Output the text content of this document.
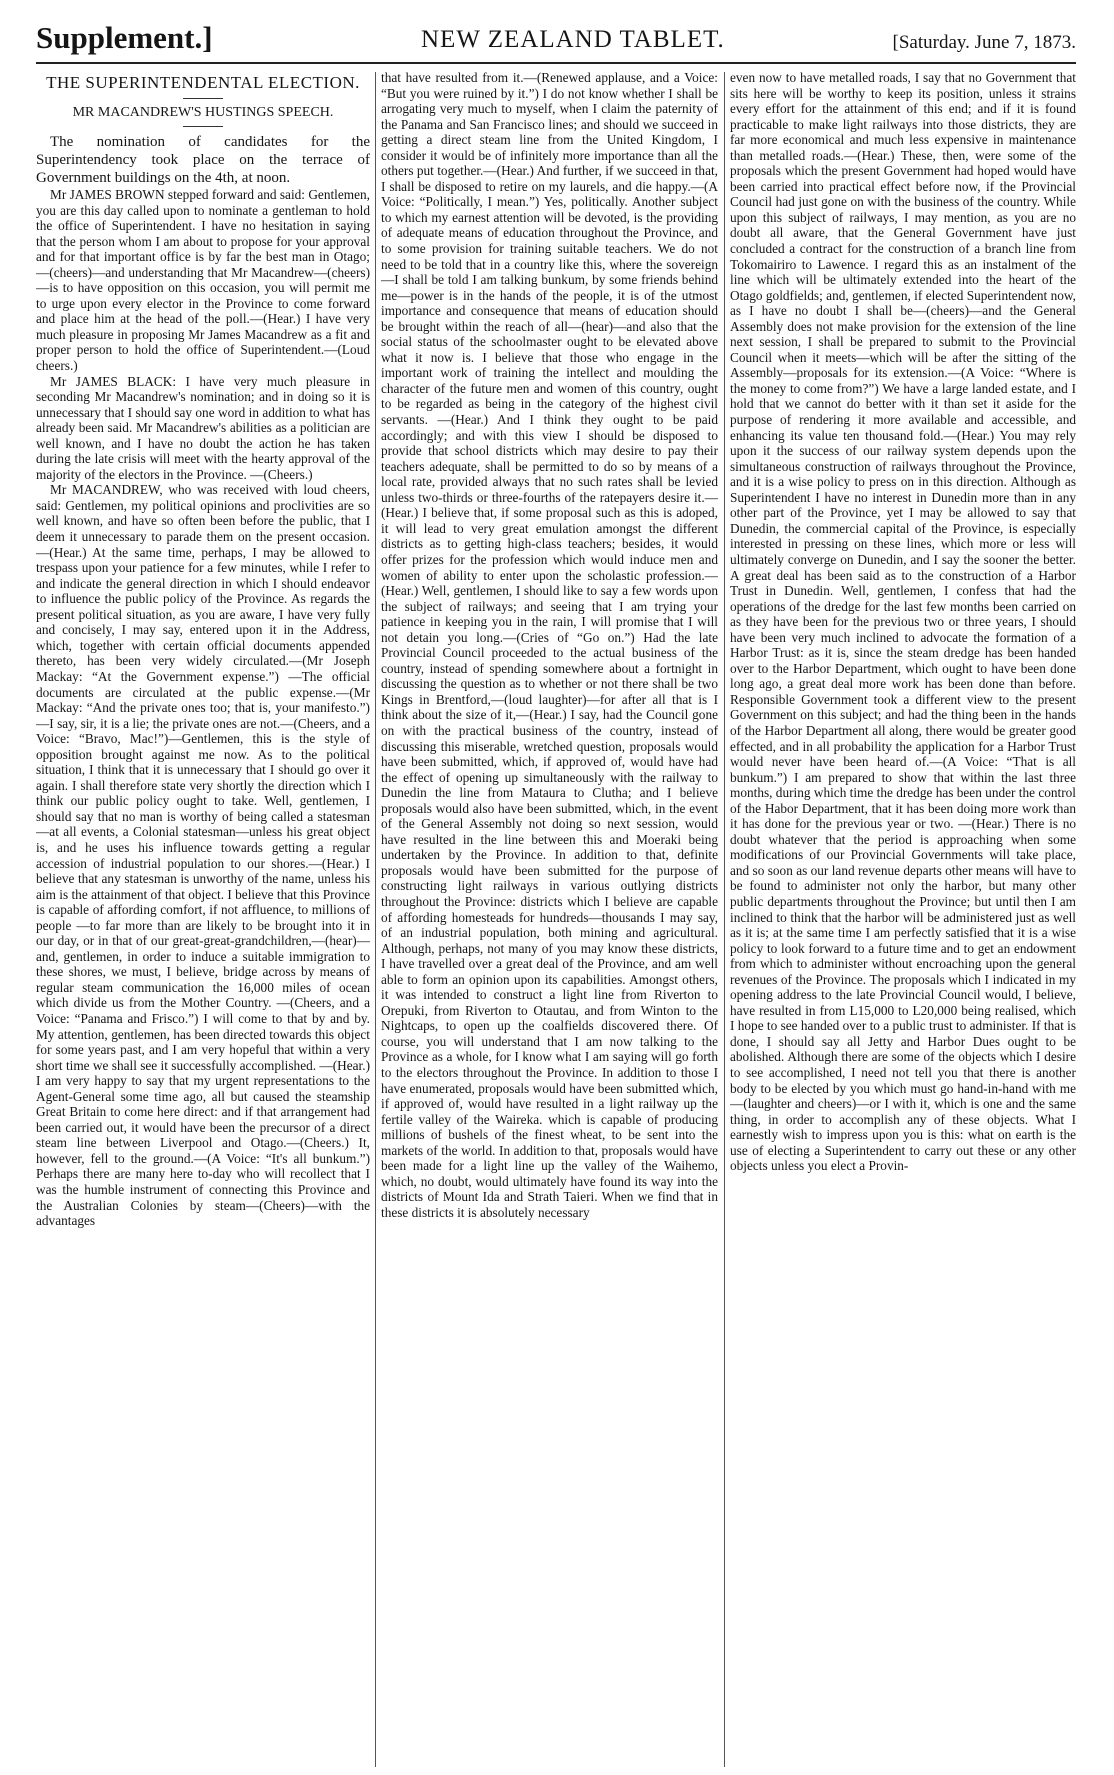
Supplement.]	NEW ZEALAND TABLET.	[Saturday. June 7, 1873.
THE SUPERINTENDENTAL ELECTION.
MR MACANDREW'S HUSTINGS SPEECH.

The nomination of candidates for the Superintendency took place on the terrace of Government buildings on the 4th, at noon.

Mr JAMES BROWN stepped forward and said: Gentlemen, you are this day called upon to nominate a gentleman to hold the office of Superintendent. I have no hesitation in saying that the person whom I am about to propose for your approval and for that important office is by far the best man in Otago; —(cheers)—and understanding that Mr Macandrew—(cheers)—is to have opposition on this occasion, you will permit me to urge upon every elector in the Province to come forward and place him at the head of the poll.—(Hear.) I have very much pleasure in proposing Mr James Macandrew as a fit and proper person to hold the office of Superintendent.—(Loud cheers.)

Mr JAMES BLACK: I have very much pleasure in seconding Mr Macandrew's nomination; and in doing so it is unnecessary that I should say one word in addition to what has already been said. Mr Macandrew's abilities as a politician are well known, and I have no doubt the action he has taken during the late crisis will meet with the hearty approval of the majority of the electors in the Province. —(Cheers.)

Mr MACANDREW, who was received with loud cheers, said: Gentlemen, my political opinions and proclivities are so well known, and have so often been before the public, that I deem it unnecessary to parade them on the present occasion.—(Hear.) At the same time, perhaps, I may be allowed to trespass upon your patience for a few minutes, while I refer to and indicate the general direction in which I should endeavor to influence the public policy of the Province. As regards the present political situation, as you are aware, I have very fully and concisely, I may say, entered upon it in the Address, which, together with certain official documents appended thereto, has been very widely circulated.—(Mr Joseph Mackay: “At the Government expense.”) —The official documents are circulated at the public expense.—(Mr Mackay: “And the private ones too; that is, your manifesto.”)—I say, sir, it is a lie; the private ones are not.—(Cheers, and a Voice: “Bravo, Mac!”)—Gentlemen, this is the style of opposition brought against me now. As to the political situation, I think that it is unnecessary that I should go over it again. I shall therefore state very shortly the direction which I think our public policy ought to take. Well, gentlemen, I should say that no man is worthy of being called a statesman—at all events, a Colonial statesman—unless his great object is, and he uses his influence towards getting a regular accession of industrial population to our shores.—(Hear.) I believe that any statesman is unworthy of the name, unless his aim is the attainment of that object. I believe that this Province is capable of affording comfort, if not affluence, to millions of people —to far more than are likely to be brought into it in our day, or in that of our great-great-grandchildren,—(hear)—and, gentlemen, in order to induce a suitable immigration to these shores, we must, I believe, bridge across by means of regular steam communication the 16,000 miles of ocean which divide us from the Mother Country. —(Cheers, and a Voice: “Panama and Frisco.”) I will come to that by and by. My attention, gentlemen, has been directed towards this object for some years past, and I am very hopeful that within a very short time we shall see it successfully accomplished. —(Hear.) I am very happy to say that my urgent representations to the Agent-General some time ago, all but caused the steamship Great Britain to come here direct: and if that arrangement had been carried out, it would have been the precursor of a direct steam line between Liverpool and Otago.—(Cheers.) It, however, fell to the ground.—(A Voice: “It's all bunkum.”) Perhaps there are many here to-day who will recollect that I was the humble instrument of connecting this Province and the Australian Colonies by steam—(Cheers)—with the advantages

that have resulted from it.—(Renewed applause, and a Voice: “But you were ruined by it.”) I do not know whether I shall be arrogating very much to myself, when I claim the paternity of the Panama and San Francisco lines; and should we succeed in getting a direct steam line from the United Kingdom, I consider it would be of infinitely more importance than all the others put together.—(Hear.) And further, if we succeed in that, I shall be disposed to retire on my laurels, and die happy.—(A Voice: “Politically, I mean.”) Yes, politically. Another subject to which my earnest attention will be devoted, is the providing of adequate means of education throughout the Province, and to some provision for training suitable teachers. We do not need to be told that in a country like this, where the sovereign—I shall be told I am talking bunkum, by some friends behind me—power is in the hands of the people, it is of the utmost importance and consequence that means of education should be brought within the reach of all—(hear)—and also that the social status of the schoolmaster ought to be elevated above what it now is. I believe that those who engage in the important work of training the intellect and moulding the character of the future men and women of this country, ought to be regarded as being in the category of the highest civil servants. —(Hear.) And I think they ought to be paid accordingly; and with this view I should be disposed to provide that school districts which may desire to pay their teachers adequate, shall be permitted to do so by means of a local rate, provided always that no such rates shall be levied unless two-thirds or three-fourths of the ratepayers desire it.—(Hear.) I believe that, if some proposal such as this is adoped, it will lead to very great emulation amongst the different districts as to getting high-class teachers; besides, it would offer prizes for the profession which would induce men and women of ability to enter upon the scholastic profession.—(Hear.) Well, gentlemen, I should like to say a few words upon the subject of railways; and seeing that I am trying your patience in keeping you in the rain, I will promise that I will not detain you long.—(Cries of “Go on.”) Had the late Provincial Council proceeded to the actual business of the country, instead of spending somewhere about a fortnight in discussing the question as to whether or not there shall be two Kings in Brentford,—(loud laughter)—for after all that is I think about the size of it,—(Hear.) I say, had the Council gone on with the practical business of the country, instead of discussing this miserable, wretched question, proposals would have been submitted, which, if approved of, would have had the effect of opening up simultaneously with the railway to Dunedin the line from Mataura to Clutha; and I believe proposals would also have been submitted, which, in the event of the General Assembly not doing so next session, would have resulted in the line between this and Moeraki being undertaken by the Province. In addition to that, definite proposals would have been submitted for the purpose of constructing light railways in various outlying districts throughout the Province: districts which I believe are capable of affording homesteads for hundreds—thousands I may say, of an industrial population, both mining and agricultural. Although, perhaps, not many of you may know these districts, I have travelled over a great deal of the Province, and am well able to form an opinion upon its capabilities. Amongst others, it was intended to construct a light line from Riverton to Orepuki, from Riverton to Otautau, and from Winton to the Nightcaps, to open up the coalfields discovered there. Of course, you will understand that I am now talking to the Province as a whole, for I know what I am saying will go forth to the electors throughout the Province. In addition to those I have enumerated, proposals would have been submitted which, if approved of, would have resulted in a light railway up the fertile valley of the Waireka. which is capable of producing millions of bushels of the finest wheat, to be sent into the markets of the world. In addition to that, proposals would have been made for a light line up the valley of the Waihemo, which, no doubt, would ultimately have found its way into the districts of Mount Ida and Strath Taieri. When we find that in these districts it is absolutely necessary

even now to have metalled roads, I say that no Government that sits here will be worthy to keep its position, unless it strains every effort for the attainment of this end; and if it is found practicable to make light railways into those districts, they are far more economical and much less expensive in maintenance than metalled roads.—(Hear.) These, then, were some of the proposals which the present Government had hoped would have been carried into practical effect before now, if the Provincial Council had just gone on with the business of the country. While upon this subject of railways, I may mention, as you are no doubt all aware, that the General Government have just concluded a contract for the construction of a branch line from Tokomairiro to Lawence. I regard this as an instalment of the line which will be ultimately extended into the heart of the Otago goldfields; and, gentlemen, if elected Superintendent now, as I have no doubt I shall be—(cheers)—and the General Assembly does not make provision for the extension of the line next session, I shall be prepared to submit to the Provincial Council when it meets—which will be after the sitting of the Assembly—proposals for its extension.—(A Voice: “Where is the money to come from?”) We have a large landed estate, and I hold that we cannot do better with it than set it aside for the purpose of rendering it more available and accessible, and enhancing its value ten thousand fold.—(Hear.) You may rely upon it the success of our railway system depends upon the simultaneous construction of railways throughout the Province, and it is a wise policy to press on in this direction. Although as Superintendent I have no interest in Dunedin more than in any other part of the Province, yet I may be allowed to say that Dunedin, the commercial capital of the Province, is especially interested in pressing on these lines, which more or less will ultimately converge on Dunedin, and I say the sooner the better. A great deal has been said as to the construction of a Harbor Trust in Dunedin. Well, gentlemen, I confess that had the operations of the dredge for the last few months been carried on as they have been for the previous two or three years, I should have been very much inclined to advocate the formation of a Harbor Trust: as it is, since the steam dredge has been handed over to the Harbor Department, which ought to have been done long ago, a great deal more work has been done than before. Responsible Government took a different view to the present Government on this subject; and had the thing been in the hands of the Harbor Department all along, there would be greater good effected, and in all probability the application for a Harbor Trust would never have been heard of.—(A Voice: “That is all bunkum.”) I am prepared to show that within the last three months, during which time the dredge has been under the control of the Habor Department, that it has been doing more work than it has done for the previous year or two. —(Hear.) There is no doubt whatever that the period is approaching when some modifications of our Provincial Governments will take place, and so soon as our land revenue departs other means will have to be found to administer not only the harbor, but many other public departments throughout the Province; but until then I am inclined to think that the harbor will be administered just as well as it is; at the same time I am perfectly satisfied that it is a wise policy to look forward to a future time and to get an endowment from which to administer without encroaching upon the general revenues of the Province. The proposals which I indicated in my opening address to the late Provincial Council would, I believe, have resulted in from L15,000 to L20,000 being realised, which I hope to see handed over to a public trust to administer. If that is done, I should say all Jetty and Harbor Dues ought to be abolished. Although there are some of the objects which I desire to see accomplished, I need not tell you that there is another body to be elected by you which must go hand-in-hand with me—(laughter and cheers)—or I with it, which is one and the same thing, in order to accomplish any of these objects. What I earnestly wish to impress upon you is this: what on earth is the use of electing a Superintendent to carry out these or any other objects unless you elect a Provin-
